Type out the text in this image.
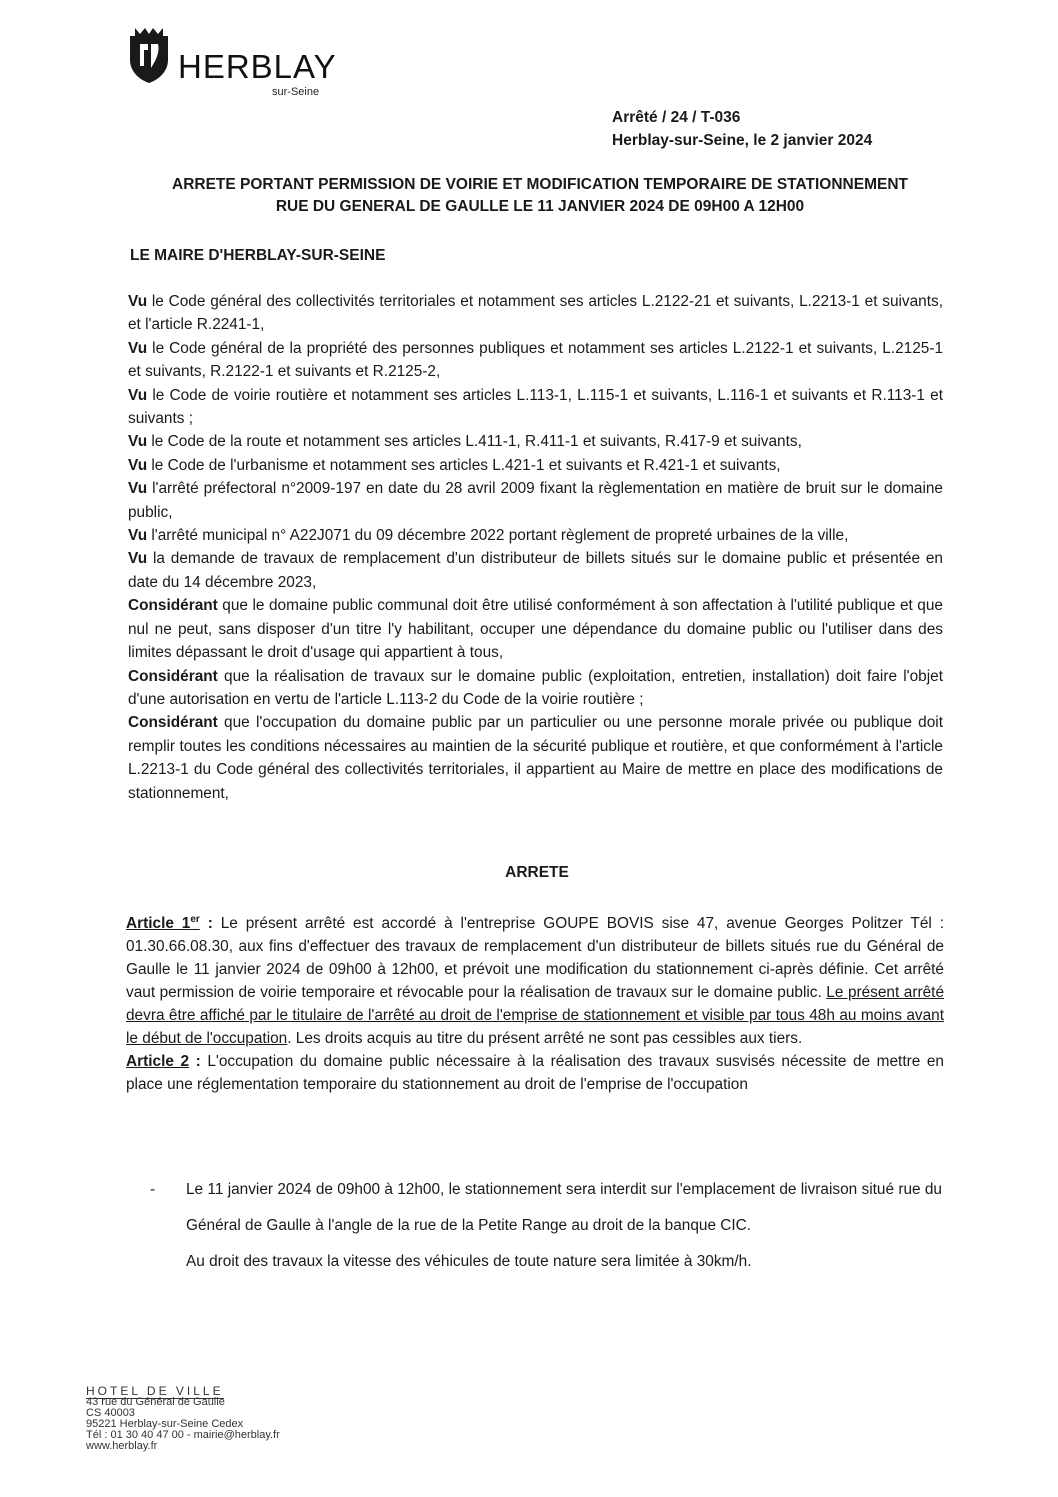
HERBLAY
sur-Seine
Arrêté / 24 / T-036
Herblay-sur-Seine, le 2 janvier 2024
ARRETE PORTANT PERMISSION DE VOIRIE ET MODIFICATION TEMPORAIRE DE STATIONNEMENT
RUE DU GENERAL DE GAULLE LE 11 JANVIER 2024 DE 09H00 A 12H00
LE MAIRE D'HERBLAY-SUR-SEINE

Vu le Code général des collectivités territoriales et notamment ses articles L.2122-21 et suivants, L.2213-1 et suivants, et l'article R.2241-1,

Vu le Code général de la propriété des personnes publiques et notamment ses articles L.2122-1 et suivants, L.2125-1 et suivants, R.2122-1 et suivants et R.2125-2,

Vu le Code de voirie routière et notamment ses articles L.113-1, L.115-1 et suivants, L.116-1 et suivants et R.113-1 et suivants ;

Vu le Code de la route et notamment ses articles L.411-1, R.411-1 et suivants, R.417-9 et suivants,

Vu le Code de l'urbanisme et notamment ses articles L.421-1 et suivants et R.421-1 et suivants,

Vu l'arrêté préfectoral n°2009-197 en date du 28 avril 2009 fixant la règlementation en matière de bruit sur le domaine public,

Vu l'arrêté municipal n° A22J071 du 09 décembre 2022 portant règlement de propreté urbaines de la ville,

Vu la demande de travaux de remplacement d'un distributeur de billets situés sur le domaine public et présentée en date du 14 décembre 2023,

Considérant que le domaine public communal doit être utilisé conformément à son affectation à l'utilité publique et que nul ne peut, sans disposer d'un titre l'y habilitant, occuper une dépendance du domaine public ou l'utiliser dans des limites dépassant le droit d'usage qui appartient à tous,

Considérant que la réalisation de travaux sur le domaine public (exploitation, entretien, installation) doit faire l'objet d'une autorisation en vertu de l'article L.113-2 du Code de la voirie routière ;

Considérant que l'occupation du domaine public par un particulier ou une personne morale privée ou publique doit remplir toutes les conditions nécessaires au maintien de la sécurité publique et routière, et que conformément à l'article L.2213-1 du Code général des collectivités territoriales, il appartient au Maire de mettre en place des modifications de stationnement,

ARRETE

Article 1er : Le présent arrêté est accordé à l'entreprise GOUPE BOVIS sise 47, avenue Georges Politzer Tél : 01.30.66.08.30, aux fins d'effectuer des travaux de remplacement d'un distributeur de billets situés rue du Général de Gaulle le 11 janvier 2024 de 09h00 à 12h00, et prévoit une modification du stationnement ci-après définie. Cet arrêté vaut permission de voirie temporaire et révocable pour la réalisation de travaux sur le domaine public. Le présent arrêté devra être affiché par le titulaire de l'arrêté au droit de l'emprise de stationnement et visible par tous 48h au moins avant le début de l'occupation. Les droits acquis au titre du présent arrêté ne sont pas cessibles aux tiers.

Article 2 : L'occupation du domaine public nécessaire à la réalisation des travaux susvisés nécessite de mettre en place une réglementation temporaire du stationnement au droit de l'emprise de l'occupation

- Le 11 janvier 2024 de 09h00 à 12h00, le stationnement sera interdit sur l'emplacement de livraison situé rue du Général de Gaulle à l'angle de la rue de la Petite Range au droit de la banque CIC.
Au droit des travaux la vitesse des véhicules de toute nature sera limitée à 30km/h.
HOTEL DE VILLE
43 rue du Général de Gaulle
CS 40003
95221 Herblay-sur-Seine Cedex
Tél : 01 30 40 47 00 - mairie@herblay.fr
www.herblay.fr
